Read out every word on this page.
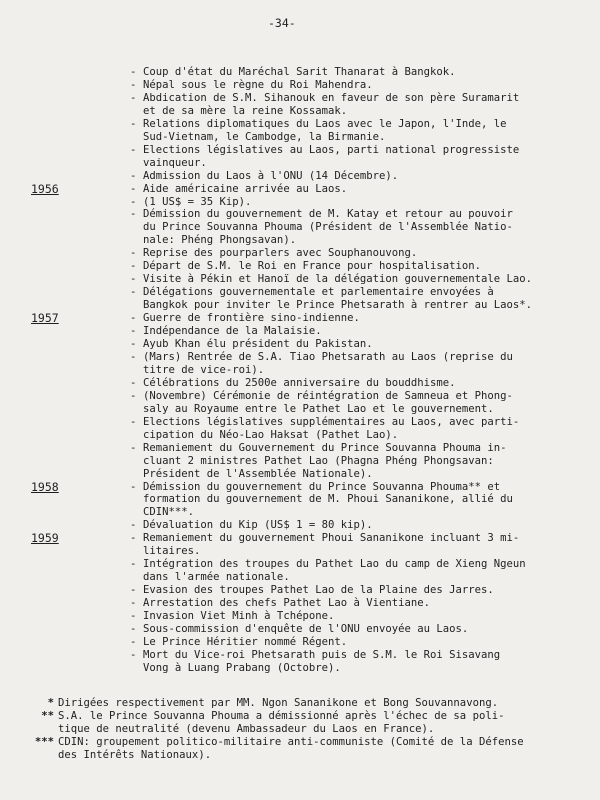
-34-
- Coup d'état du Maréchal Sarit Thanarat à Bangkok.
- Népal sous le règne du Roi Mahendra.
- Abdication de S.M. Sihanouk en faveur de son père Suramarit
et de sa mère la reine Kossamak.
- Relations diplomatiques du Laos avec le Japon, l'Inde, le
Sud-Vietnam, le Cambodge, la Birmanie.
- Elections législatives au Laos, parti national progressiste
vainqueur.
- Admission du Laos à l'ONU (14 Décembre).
1956	- Aide américaine arrivée au Laos.
- (1 US$ = 35 Kip).
- Démission du gouvernement de M. Katay et retour au pouvoir
du Prince Souvanna Phouma (Président de l'Assemblée Natio-
nale: Phéng Phongsavan).
- Reprise des pourparlers avec Souphanouvong.
- Départ de S.M. le Roi en France pour hospitalisation.
- Visite à Pékin et Hanoï de la délégation gouvernementale Lao.
- Délégations gouvernementale et parlementaire envoyées à
Bangkok pour inviter le Prince Phetsarath à rentrer au Laos*.
1957	- Guerre de frontière sino-indienne.
- Indépendance de la Malaisie.
- Ayub Khan élu président du Pakistan.
- (Mars) Rentrée de S.A. Tiao Phetsarath au Laos (reprise du
titre de vice-roi).
- Célébrations du 2500e anniversaire du bouddhisme.
- (Novembre) Cérémonie de réintégration de Samneua et Phong-
saly au Royaume entre le Pathet Lao et le gouvernement.
- Elections législatives supplémentaires au Laos, avec parti-
cipation du Néo-Lao Haksat (Pathet Lao).
- Remaniement du Gouvernement du Prince Souvanna Phouma in-
cluant 2 ministres Pathet Lao (Phagna Phéng Phongsavan:
Président de l'Assemblée Nationale).
1958	- Démission du gouvernement du Prince Souvanna Phouma** et
formation du gouvernement de M. Phoui Sananikone, allié du
CDIN***.
- Dévaluation du Kip (US$ 1 = 80 kip).
1959	- Remaniement du gouvernement Phoui Sananikone incluant 3 mi-
litaires.
- Intégration des troupes du Pathet Lao du camp de Xieng Ngeun
dans l'armée nationale.
- Evasion des troupes Pathet Lao de la Plaine des Jarres.
- Arrestation des chefs Pathet Lao à Vientiane.
- Invasion Viet Minh à Tchépone.
- Sous-commission d'enquête de l'ONU envoyée au Laos.
- Le Prince Héritier nommé Régent.
- Mort du Vice-roi Phetsarath puis de S.M. le Roi Sisavang
Vong à Luang Prabang (Octobre).
* Dirigées respectivement par MM. Ngon Sananikone et Bong Souvannavong.
** S.A. le Prince Souvanna Phouma a démissionné après l'échec de sa poli-
tique de neutralité (devenu Ambassadeur du Laos en France).
*** CDIN: groupement politico-militaire anti-communiste (Comité de la Défense
des Intérêts Nationaux).
